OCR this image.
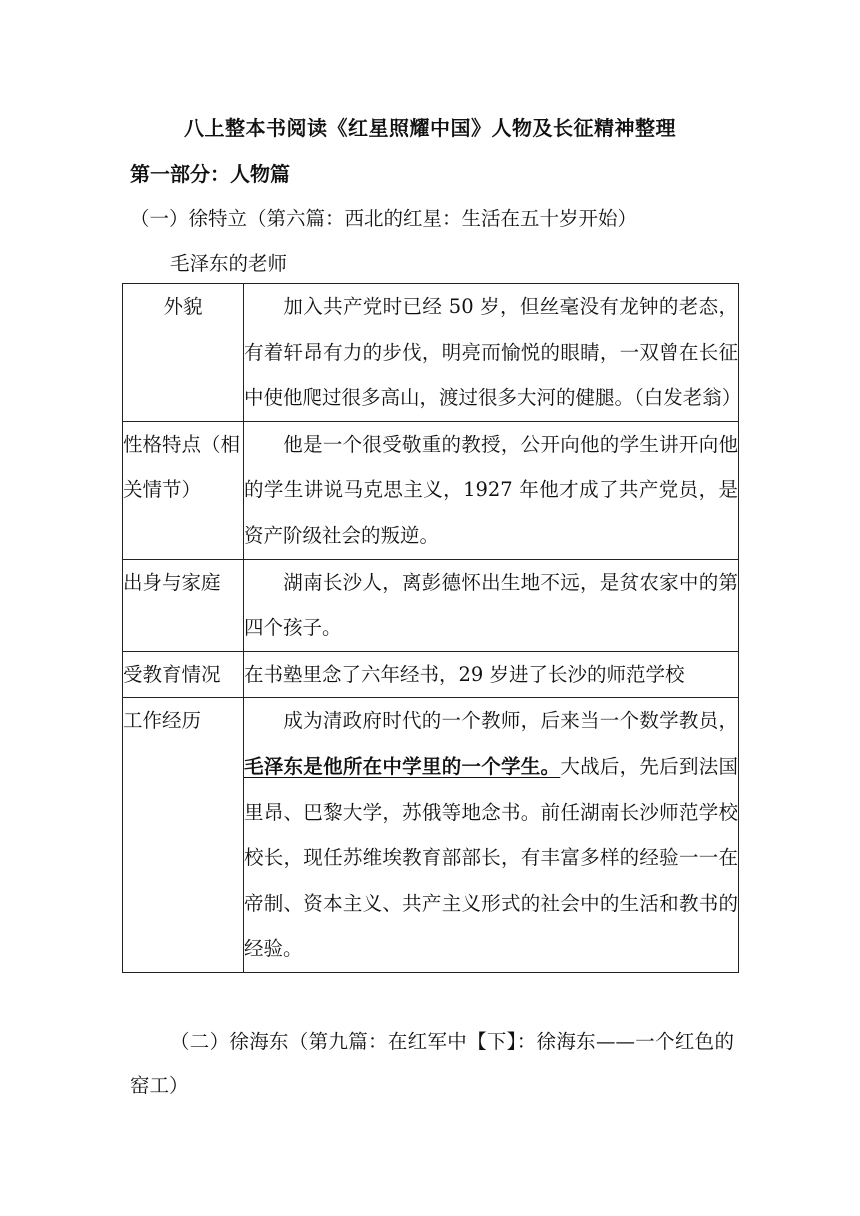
八上整本书阅读《红星照耀中国》人物及长征精神整理
第一部分：人物篇
（一）徐特立（第六篇：西北的红星：生活在五十岁开始）
毛泽东的老师
外貌	加入共产党时已经 50 岁，但丝毫没有龙钟的老态，有着轩昂有力的步伐，明亮而愉悦的眼睛，一双曾在长征中使他爬过很多高山，渡过很多大河的健腿。（白发老翁）
性格特点（相关情节）	他是一个很受敬重的教授，公开向他的学生讲开向他的学生讲说马克思主义，1927 年他才成了共产党员，是资产阶级社会的叛逆。
出身与家庭	湖南长沙人，离彭德怀出生地不远，是贫农家中的第四个孩子。
受教育情况	在书塾里念了六年经书，29 岁进了长沙的师范学校
工作经历	成为清政府时代的一个教师，后来当一个数学教员，毛泽东是他所在中学里的一个学生。大战后，先后到法国里昂、巴黎大学，苏俄等地念书。前任湖南长沙师范学校校长，现任苏维埃教育部部长，有丰富多样的经验一一在帝制、资本主义、共产主义形式的社会中的生活和教书的经验。
（二）徐海东（第九篇：在红军中【下】：徐海东——一个红色的窑工）
